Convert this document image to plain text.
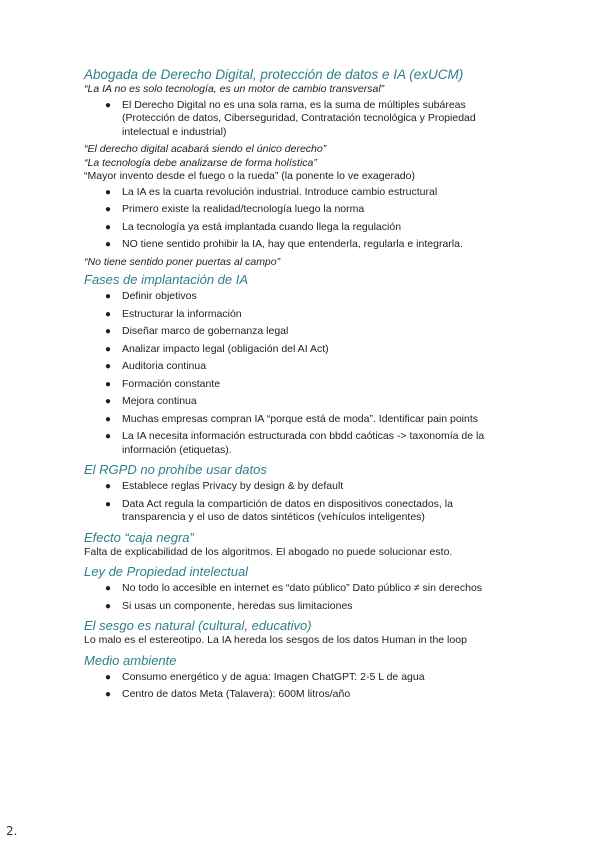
Abogada de Derecho Digital, protección de datos e IA (exUCM)

“La IA no es solo tecnología, es un motor de cambio transversal”

● El Derecho Digital no es una sola rama, es la suma de múltiples subáreas (Protección de datos, Ciberseguridad, Contratación tecnológica y Propiedad intelectual e industrial)

“El derecho digital acabará siendo el único derecho”

“La tecnología debe analizarse de forma holística”

“Mayor invento desde el fuego o la rueda” (la ponente lo ve exagerado)

● La IA es la cuarta revolución industrial. Introduce cambio estructural
● Primero existe la realidad/tecnología luego la norma
● La tecnología ya está implantada cuando llega la regulación
● NO tiene sentido prohibir la IA, hay que entenderla, regularla e integrarla.

“No tiene sentido poner puertas al campo”

Fases de implantación de IA

● Definir objetivos
● Estructurar la información
● Diseñar marco de gobernanza legal
● Analizar impacto legal (obligación del AI Act)
● Auditoria continua
● Formación constante
● Mejora continua
● Muchas empresas compran IA “porque está de moda”. Identificar pain points
● La IA necesita información estructurada con bbdd caóticas -> taxonomía de la información (etiquetas).

El RGPD no prohíbe usar datos

● Establece reglas Privacy by design & by default
● Data Act regula la compartición de datos en dispositivos conectados, la transparencia y el uso de datos sintéticos (vehículos inteligentes)

Efecto “caja negra”

Falta de explicabilidad de los algoritmos. El abogado no puede solucionar esto.

Ley de Propiedad intelectual

● No todo lo accesible en internet es “dato público” Dato público ≠ sin derechos
● Si usas un componente, heredas sus limitaciones

El sesgo es natural (cultural, educativo)

Lo malo es el estereotipo. La IA hereda los sesgos de los datos Human in the loop

Medio ambiente

● Consumo energético y de agua: Imagen ChatGPT: 2-5 L de agua
● Centro de datos Meta (Talavera): 600M litros/año
2.
